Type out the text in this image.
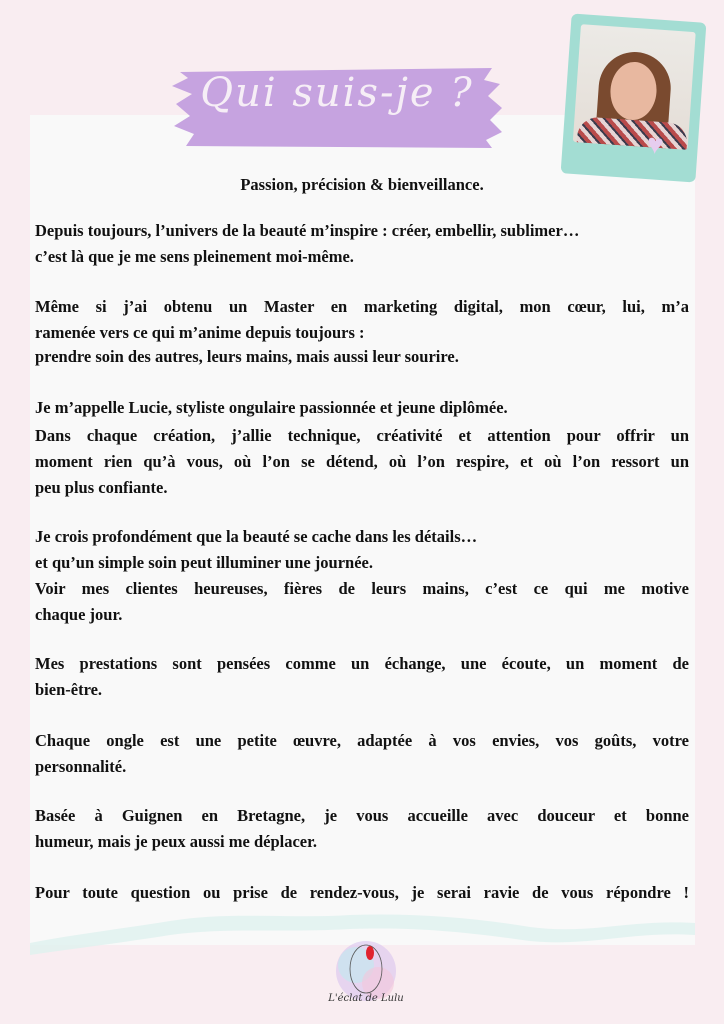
Qui suis-je ?
♥
Passion, précision & bienveillance.
Depuis toujours, l’univers de la beauté m’inspire : créer, embellir, sublimer…
c’est là que je me sens pleinement moi-même.
Même si j’ai obtenu un Master en marketing digital, mon cœur, lui, m’a
ramenée vers ce qui m’anime depuis toujours :
prendre soin des autres, leurs mains, mais aussi leur sourire.
Je m’appelle Lucie, styliste ongulaire passionnée et jeune diplômée.
Dans chaque création, j’allie technique, créativité et attention pour offrir un
moment rien qu’à vous, où l’on se détend, où l’on respire, et où l’on ressort un
peu plus confiante.
Je crois profondément que la beauté se cache dans les détails…
et qu’un simple soin peut illuminer une journée.
Voir mes clientes heureuses, fières de leurs mains, c’est ce qui me motive
chaque jour.
Mes prestations sont pensées comme un échange, une écoute, un moment de
bien-être.
Chaque ongle est une petite œuvre, adaptée à vos envies, vos goûts, votre
personnalité.
Basée à Guignen en Bretagne, je vous accueille avec douceur et bonne
humeur, mais je peux aussi me déplacer.
Pour toute question ou prise de rendez-vous, je serai ravie de vous répondre !
L'éclat de Lulu
